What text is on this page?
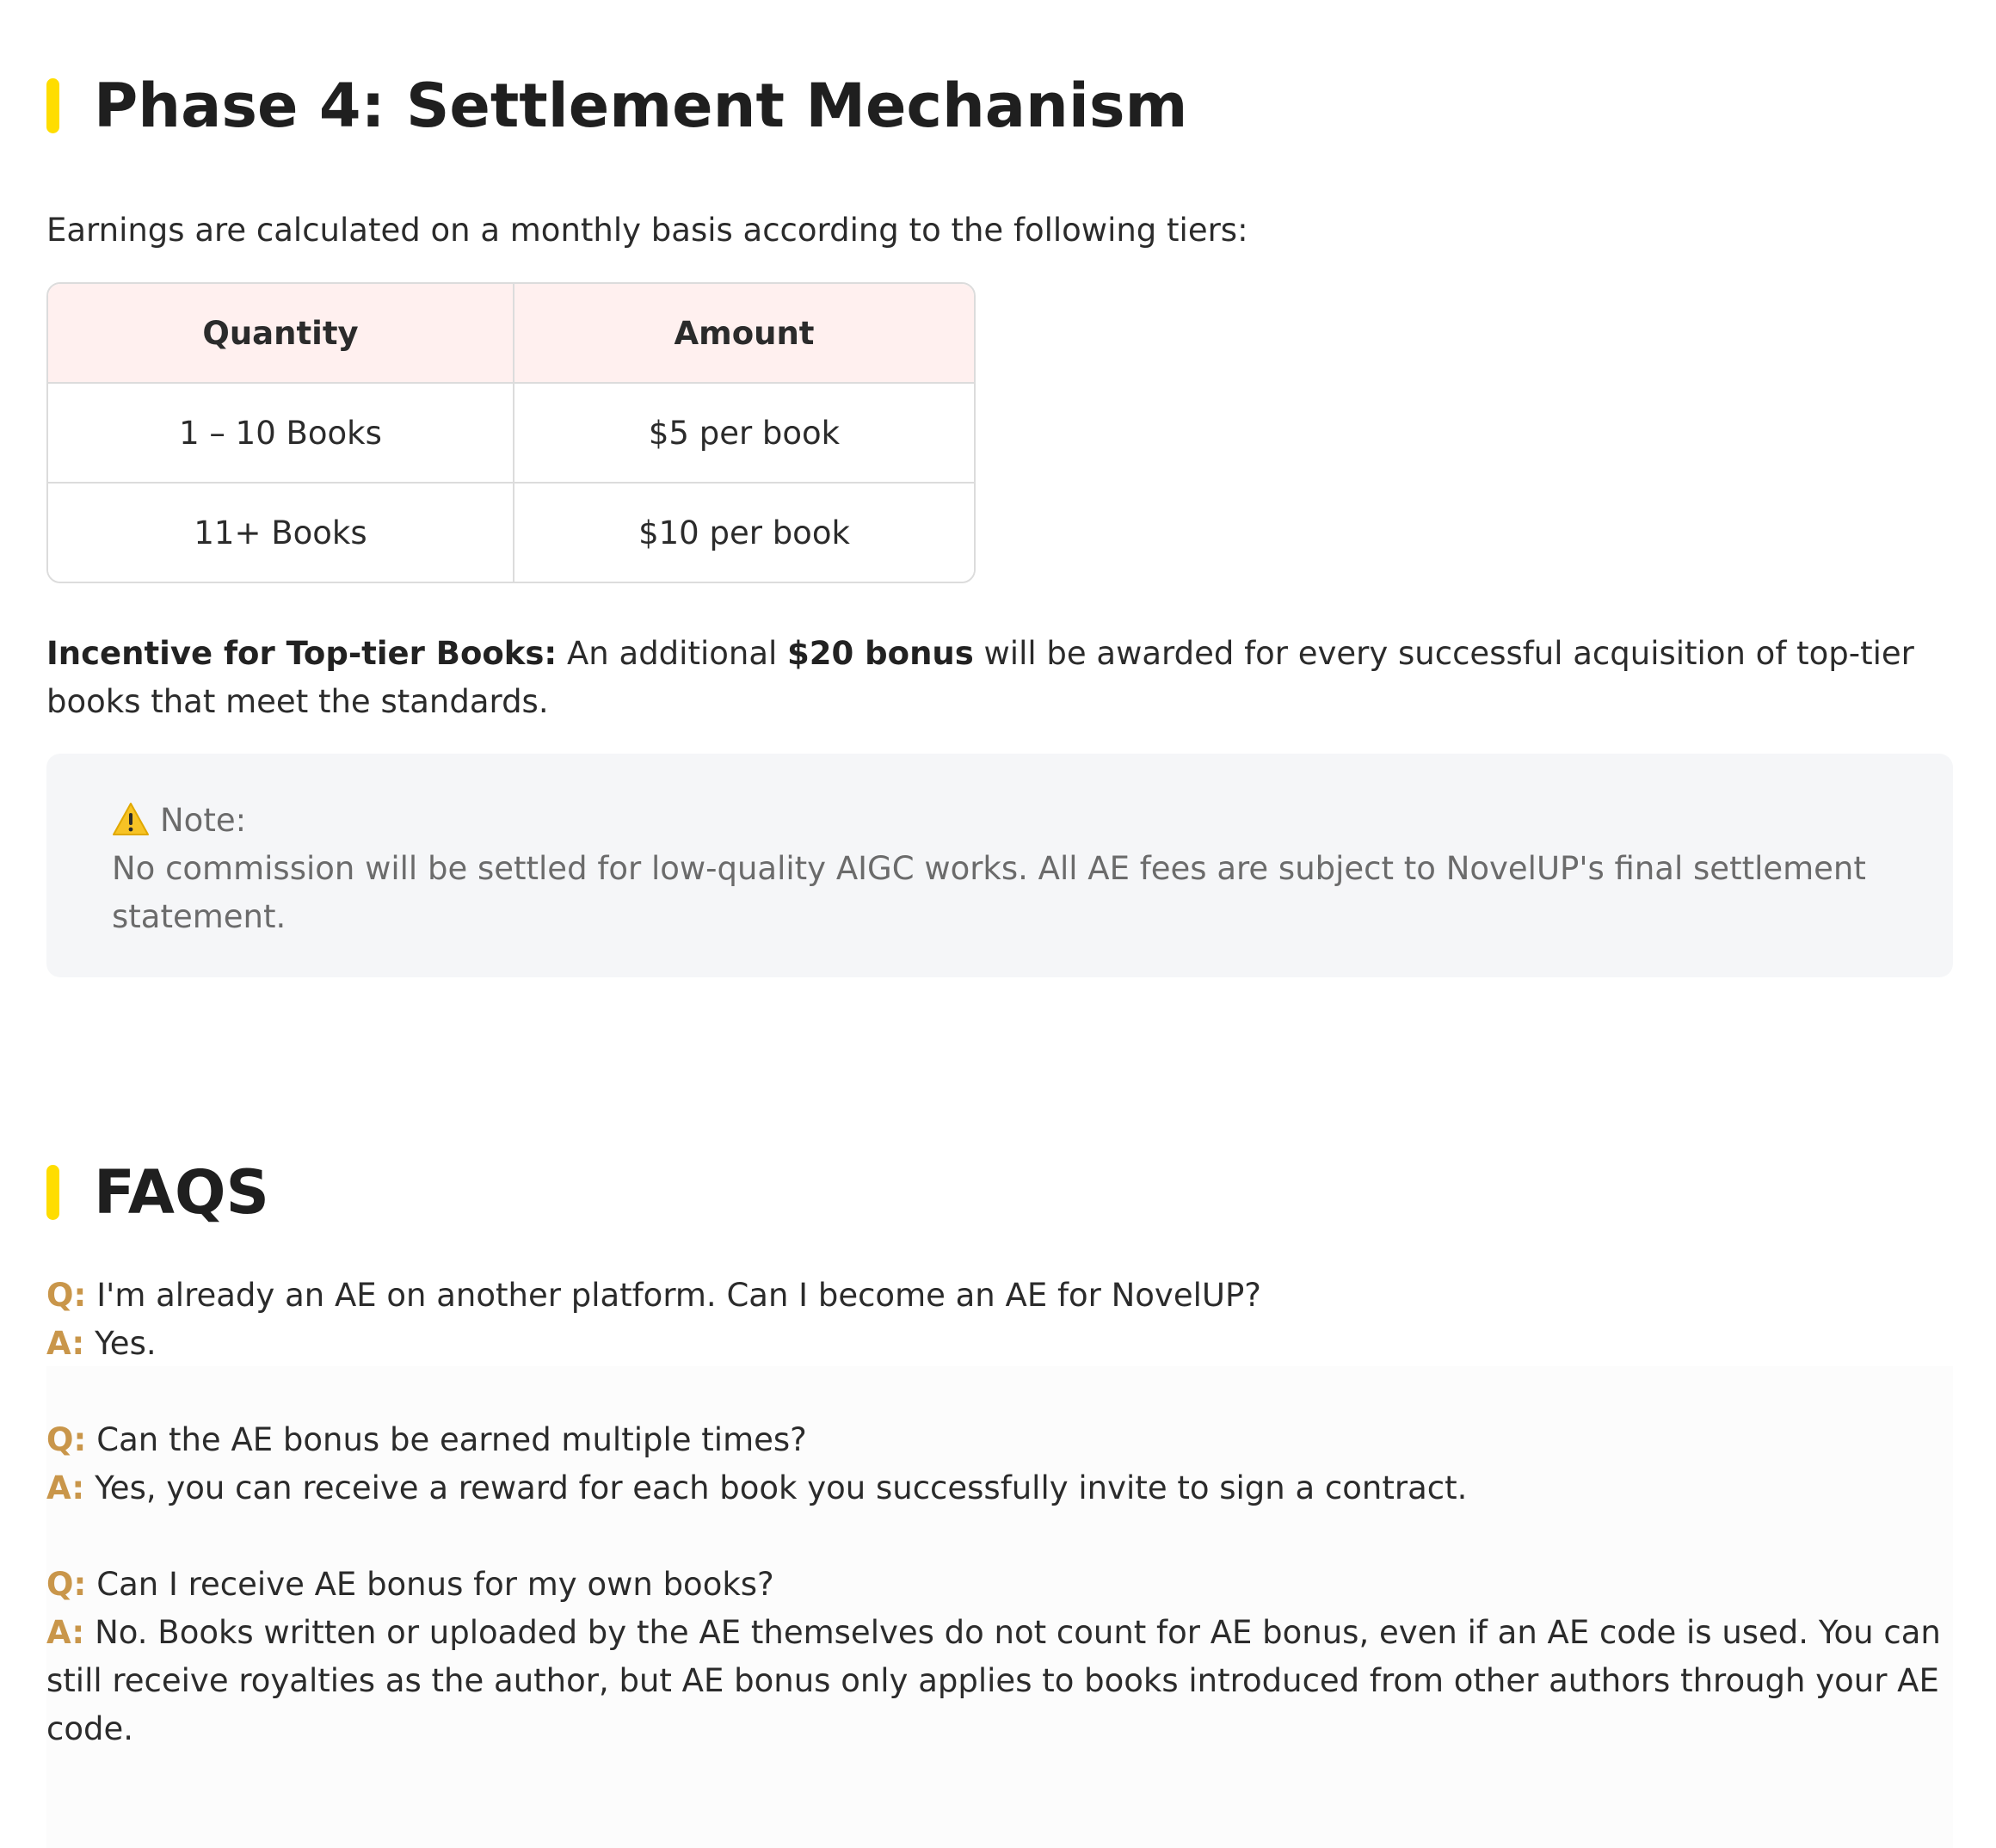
Phase 4: Settlement Mechanism
Earnings are calculated on a monthly basis according to the following tiers:
Quantity	Amount
1 – 10 Books	$5 per book
11+ Books	$10 per book
Incentive for Top-tier Books: An additional $20 bonus will be awarded for every successful acquisition of top-tier books that meet the standards.
Note:
No commission will be settled for low-quality AIGC works. All AE fees are subject to NovelUP's final settlement statement.
FAQS
Q: I'm already an AE on another platform. Can I become an AE for NovelUP?
A: Yes.
Q: Can the AE bonus be earned multiple times?
A: Yes, you can receive a reward for each book you successfully invite to sign a contract.
Q: Can I receive AE bonus for my own books?
A: No. Books written or uploaded by the AE themselves do not count for AE bonus, even if an AE code is used. You can still receive royalties as the author, but AE bonus only applies to books introduced from other authors through your AE code.
